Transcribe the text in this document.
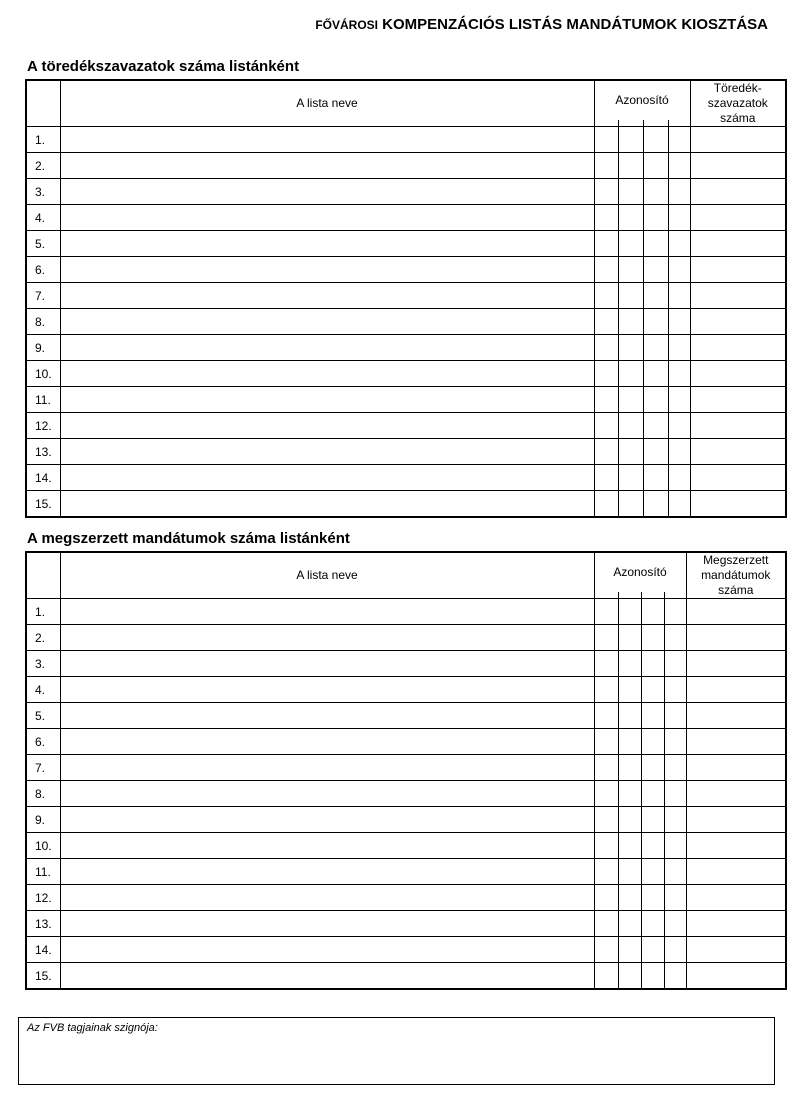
FŐVÁROSI KOMPENZÁCIÓS LISTÁS MANDÁTUMOK KIOSZTÁSA
A töredékszavazatok száma listánként
	A lista neve	Azonosító				Töredék-szavazatok száma

1.						
2.						
3.						
4.						
5.						
6.						
7.						
8.						
9.						
10.						
11.						
12.						
13.						
14.						
15.						
A megszerzett mandátumok száma listánként
	A lista neve	Azonosító				Megszerzett mandátumok száma

1.						
2.						
3.						
4.						
5.						
6.						
7.						
8.						
9.						
10.						
11.						
12.						
13.						
14.						
15.						
Az FVB tagjainak szignója:
